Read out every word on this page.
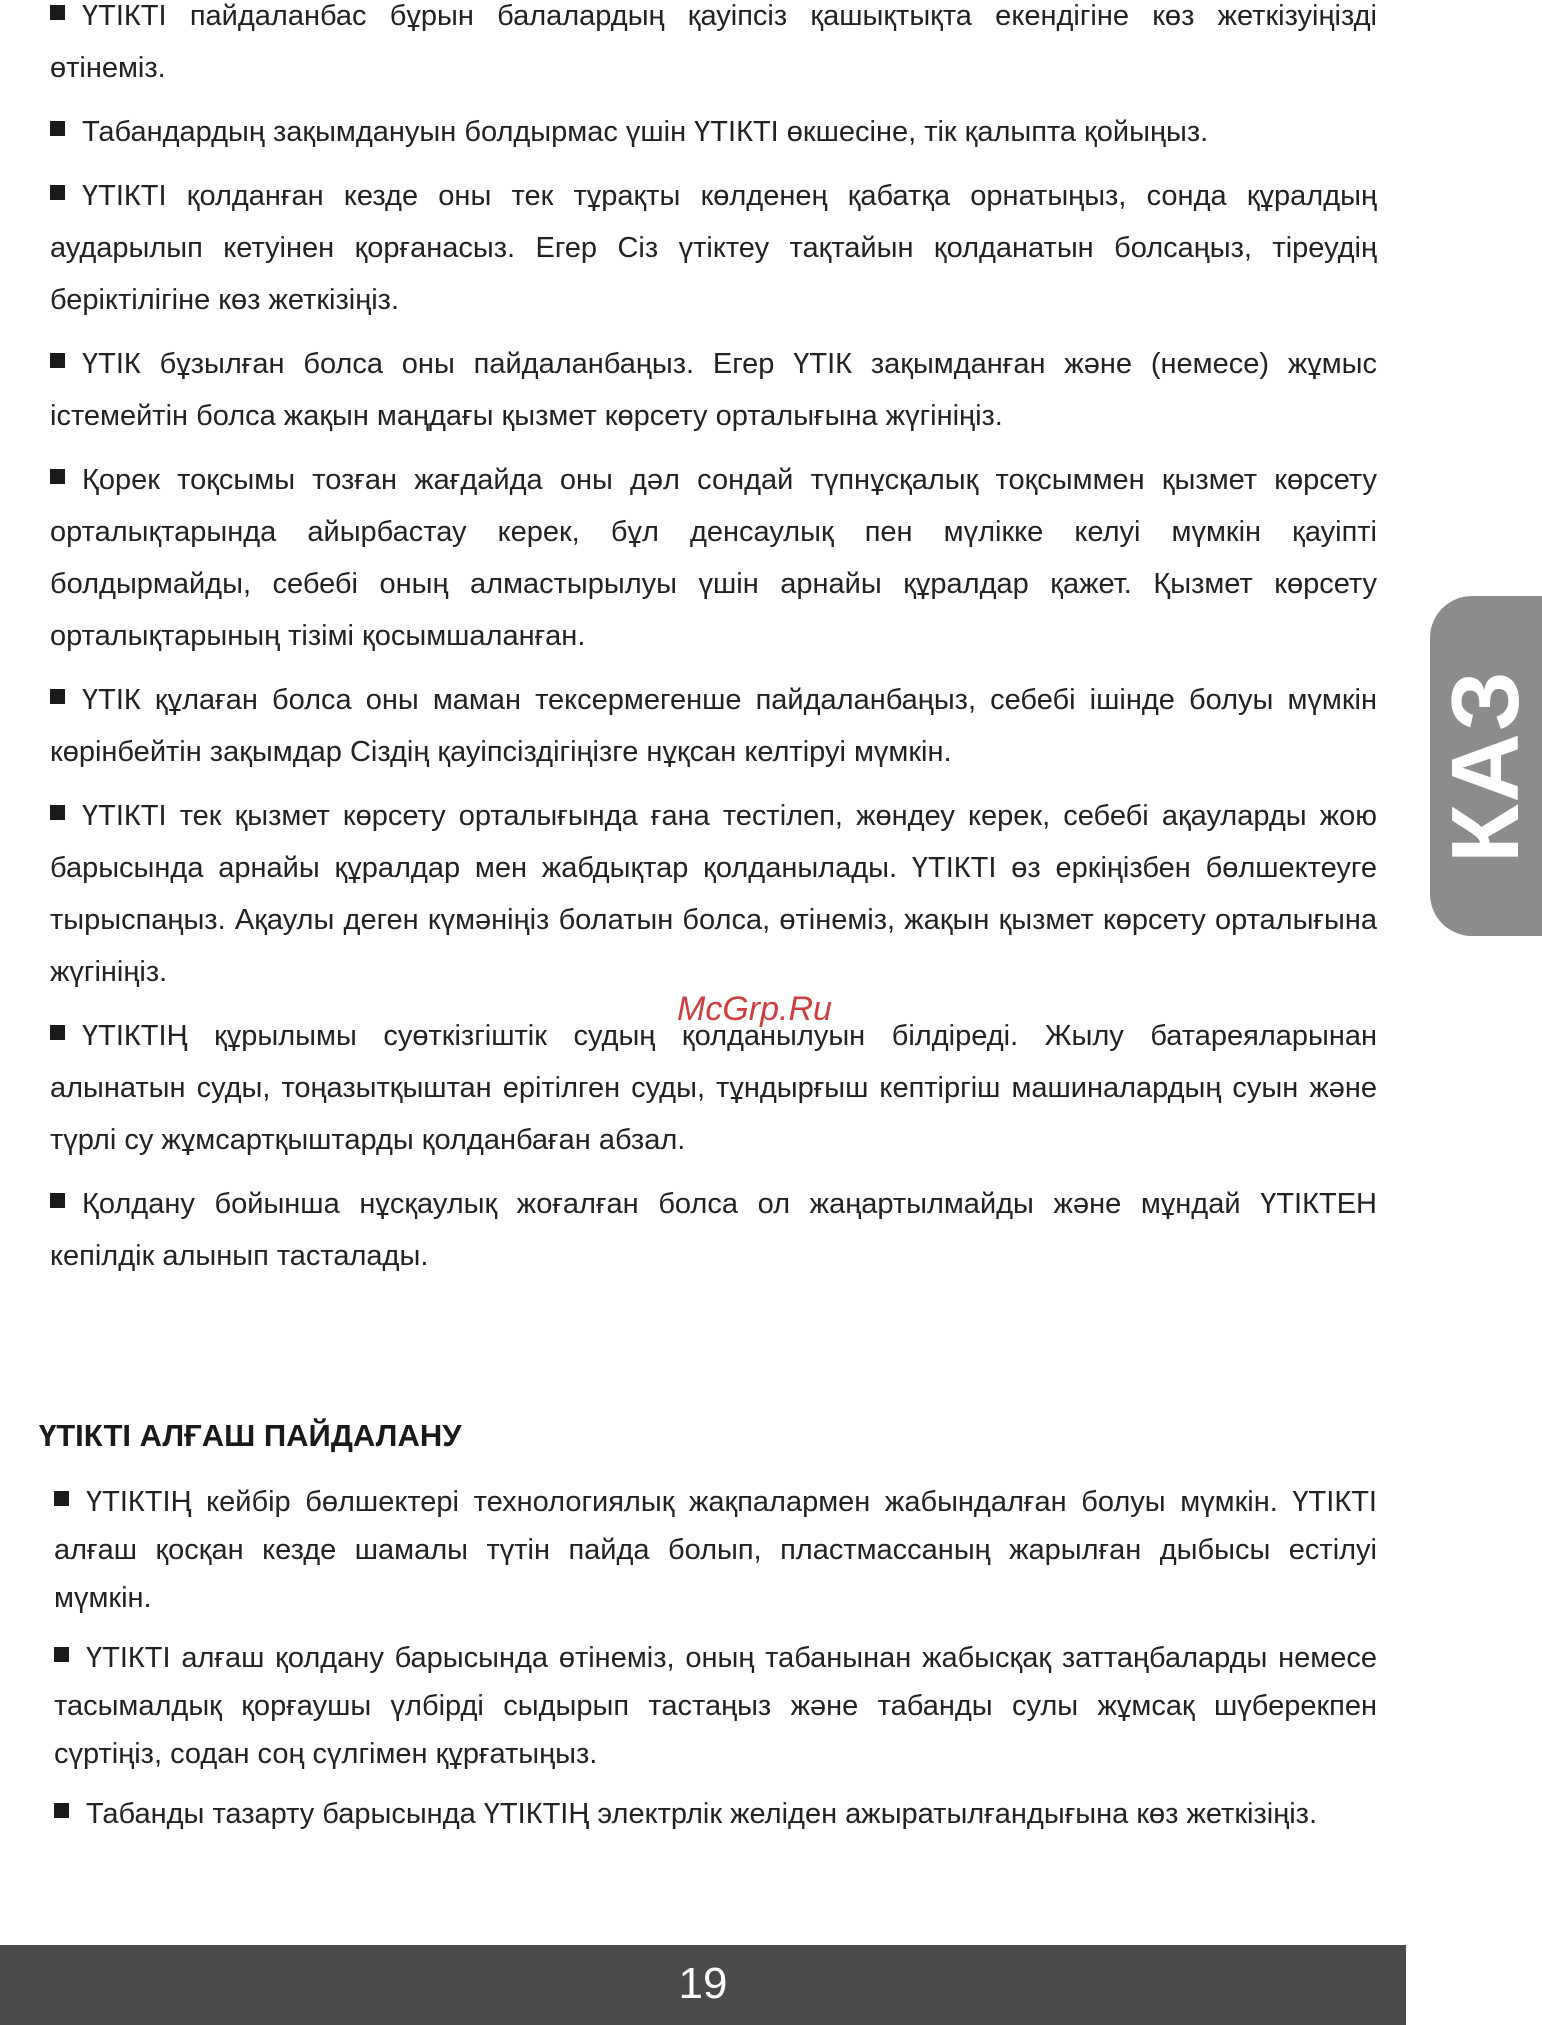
ҮТІКТІ пайдаланбас бұрын балалардың қауіпсіз қашықтықта екендігіне көз жеткізуіңізді өтінеміз.

Табандардың зақымдануын болдырмас үшін ҮТІКТІ өкшесіне, тік қалыпта қойыңыз.

ҮТІКТІ қолданған кезде оны тек тұрақты көлденең қабатқа орнатыңыз, сонда құралдың аударылып кетуінен қорғанасыз. Егер Сіз үтіктеу тақтайын қолданатын болсаңыз, тіреудің беріктілігіне көз жеткізіңіз.

ҮТІК бұзылған болса оны пайдаланбаңыз. Егер ҮТІК зақымданған және (немесе) жұмыс істемейтін болса жақын маңдағы қызмет көрсету орталығына жүгініңіз.

Қорек тоқсымы тозған жағдайда оны дәл сондай түпнұсқалық тоқсыммен қызмет көрсету орталықтарында айырбастау керек, бұл денсаулық пен мүлікке келуі мүмкін қауіпті болдырмайды, себебі оның алмастырылуы үшін арнайы құралдар қажет. Қызмет көрсету орталықтарының тізімі қосымшаланған.

ҮТІК құлаған болса оны маман тексермегенше пайдаланбаңыз, себебі ішінде болуы мүмкін көрінбейтін зақымдар Сіздің қауіпсіздігіңізге нұқсан келтіруі мүмкін.

ҮТІКТІ тек қызмет көрсету орталығында ғана тестілеп, жөндеу керек, себебі ақауларды жою барысында арнайы құралдар мен жабдықтар қолданылады. ҮТІКТІ өз еркіңізбен бөлшектеуге тырыспаңыз. Ақаулы деген күмәніңіз болатын болса, өтінеміз, жақын қызмет көрсету орталығына жүгініңіз.

ҮТІКТІҢ құрылымы суөткізгіштік судың қолданылуын білдіреді. Жылу батареяларынан алынатын суды, тоңазытқыштан ерітілген суды, тұндырғыш кептіргіш машиналардың суын және түрлі су жұмсартқыштарды қолданбаған абзал.

Қолдану бойынша нұсқаулық жоғалған болса ол жаңартылмайды және мұндай ҮТІКТЕН кепілдік алынып тасталады.

ҮТІКТІ АЛҒАШ ПАЙДАЛАНУ

ҮТІКТІҢ кейбір бөлшектері технологиялық жақпалармен жабындалған болуы мүмкін. ҮТІКТІ алғаш қосқан кезде шамалы түтін пайда болып, пластмассаның жарылған дыбысы естілуі мүмкін.

ҮТІКТІ алғаш қолдану барысында өтінеміз, оның табанынан жабысқақ заттаңбаларды немесе тасымалдық қорғаушы үлбірді сыдырып тастаңыз және табанды сулы жұмсақ шүберекпен сүртіңіз, содан соң сүлгімен құрғатыңыз.

Табанды тазарту барысында ҮТІКТІҢ электрлік желіден ажыратылғандығына көз жеткізіңіз.

McGrp.Ru
КАЗ
19
